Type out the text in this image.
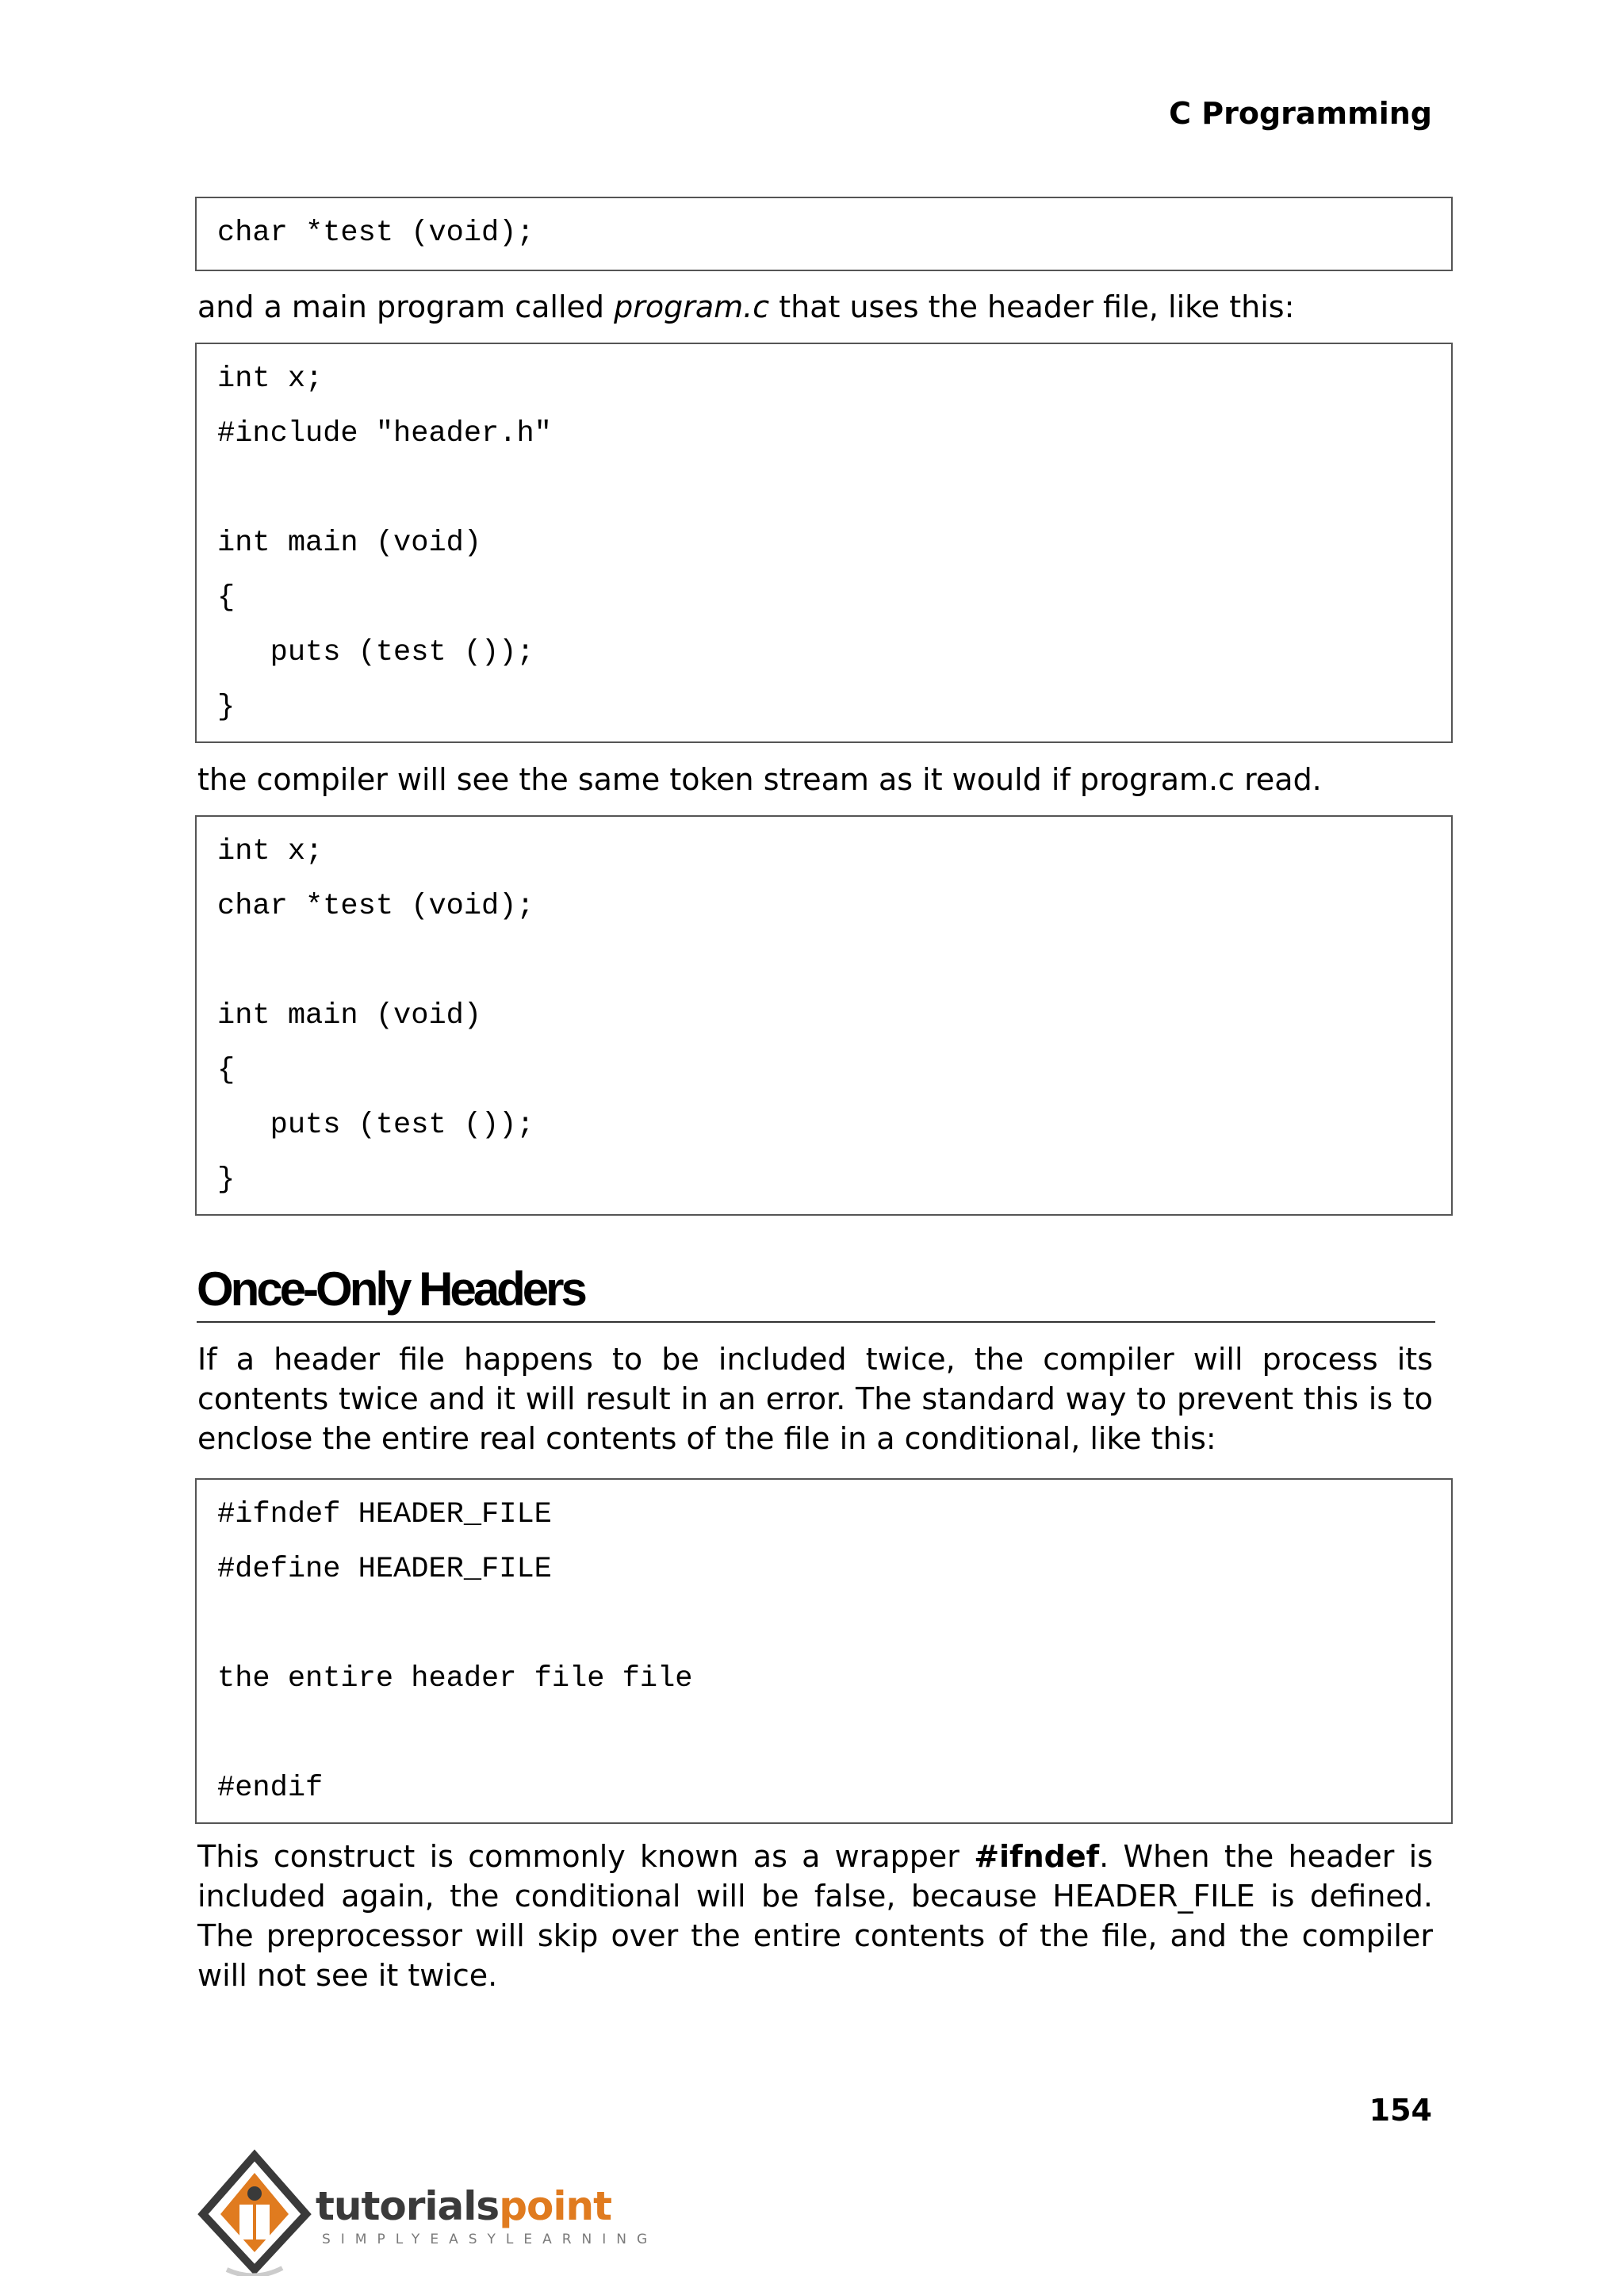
C Programming
char *test (void);

and a main program called program.c that uses the header file, like this:

int x;
#include "header.h"
int main (void)
{
puts (test ());
}

the compiler will see the same token stream as it would if program.c read.

int x;
char *test (void);
int main (void)
{
puts (test ());
}
Once-Only Headers

If a header file happens to be included twice, the compiler will process its contents twice and it will result in an error. The standard way to prevent this is to enclose the entire real contents of the file in a conditional, like this:

#ifndef HEADER_FILE
#define HEADER_FILE
the entire header file file
#endif

This construct is commonly known as a wrapper #ifndef. When the header is included again, the conditional will be false, because HEADER_FILE is defined. The preprocessor will skip over the entire contents of the file, and the compiler will not see it twice.

154

tutorialspoint

SIMPLYEASYLEARNING
